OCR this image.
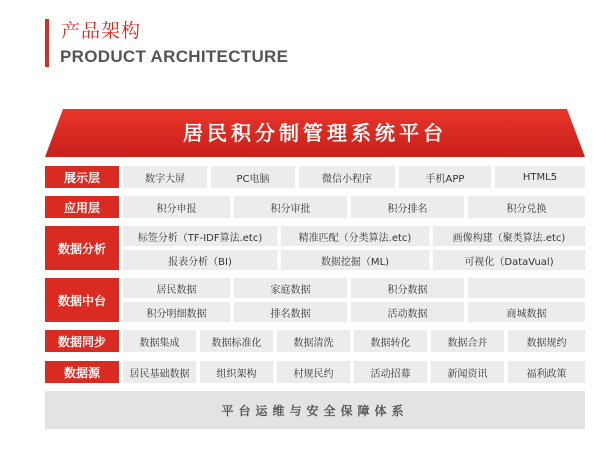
产品架构
PRODUCT ARCHITECTURE
居民积分制管理系统平台
展示层	数字大屏	PC电脑	微信小程序	手机APP	HTML5
应用层	积分申报	积分审批	积分排名	积分兑换
数据分析
标签分析（TF-IDF算法.etc)	精准匹配（分类算法.etc)	画像构建（聚类算法.etc)
报表分析（BI)	数据挖掘（ML)	可视化（DataVual)
数据中台
居民数据	家庭数据	积分数据
积分明细数据	排名数据	活动数据	商城数据
数据同步	数据集成	数据标准化	数据清洗	数据转化	数据合并	数据规约
数据源	居民基础数据	组织架构	村规民约	活动招募	新闻资讯	福利政策
平台运维与安全保障体系
